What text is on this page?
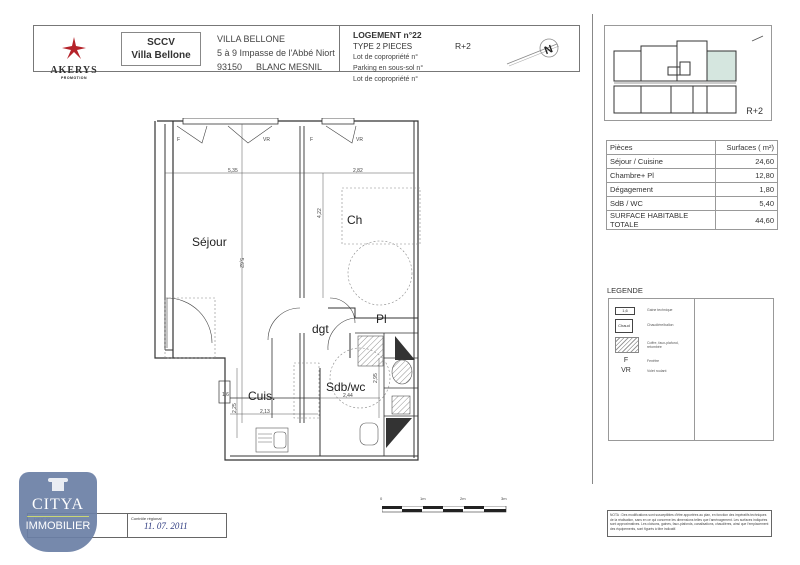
AKERYS
PROMOTION
SCCV
Villa Bellone
VILLA BELLONE
5 à 9 Impasse de l'Abbé Niort
93150 BLANC MESNIL
LOGEMENT n°22
TYPE 2 PIECES	R+2
Lot de copropriété n°
Parking en sous-sol n°
Lot de copropriété n°
N
R+2
Pièces	Surfaces ( m²)
Séjour / Cuisine	24,60
Chambre+ Pl	12,80
Dégagement	1,80
SdB / WC	5,40
SURFACE HABITABLE TOTALE	44,60
LEGENDE
1,6	Gaine technique
Chaud	Chaudière/ballon
Coffre, faux-plafond, retombée
F	Fenêtre
VR	Volet roulant
NOTA : Des modifications sont susceptibles d'être apportées au plan, en fonction des impératifs techniques de la réalisation, sans en ce qui concerne les dimensions telles que l'aménagement. Les surfaces indiquées sont approximatives. Les cloisons, gaines, faux-plafonds, canalisations, chaudières, ainsi que l'emplacement des équipements, sont figurés à titre indicatif.
Séjour
Ch
dgt
Pl
Sdb/wc
Cuis.
5,35	2,82
2,13
2,44
1,6
5,62
4,22
2,25
2,95
F	VR	F	VR
0	1m	2m	3m
Contrôle régional
11. 07. 2011
CITYA
IMMOBILIER
